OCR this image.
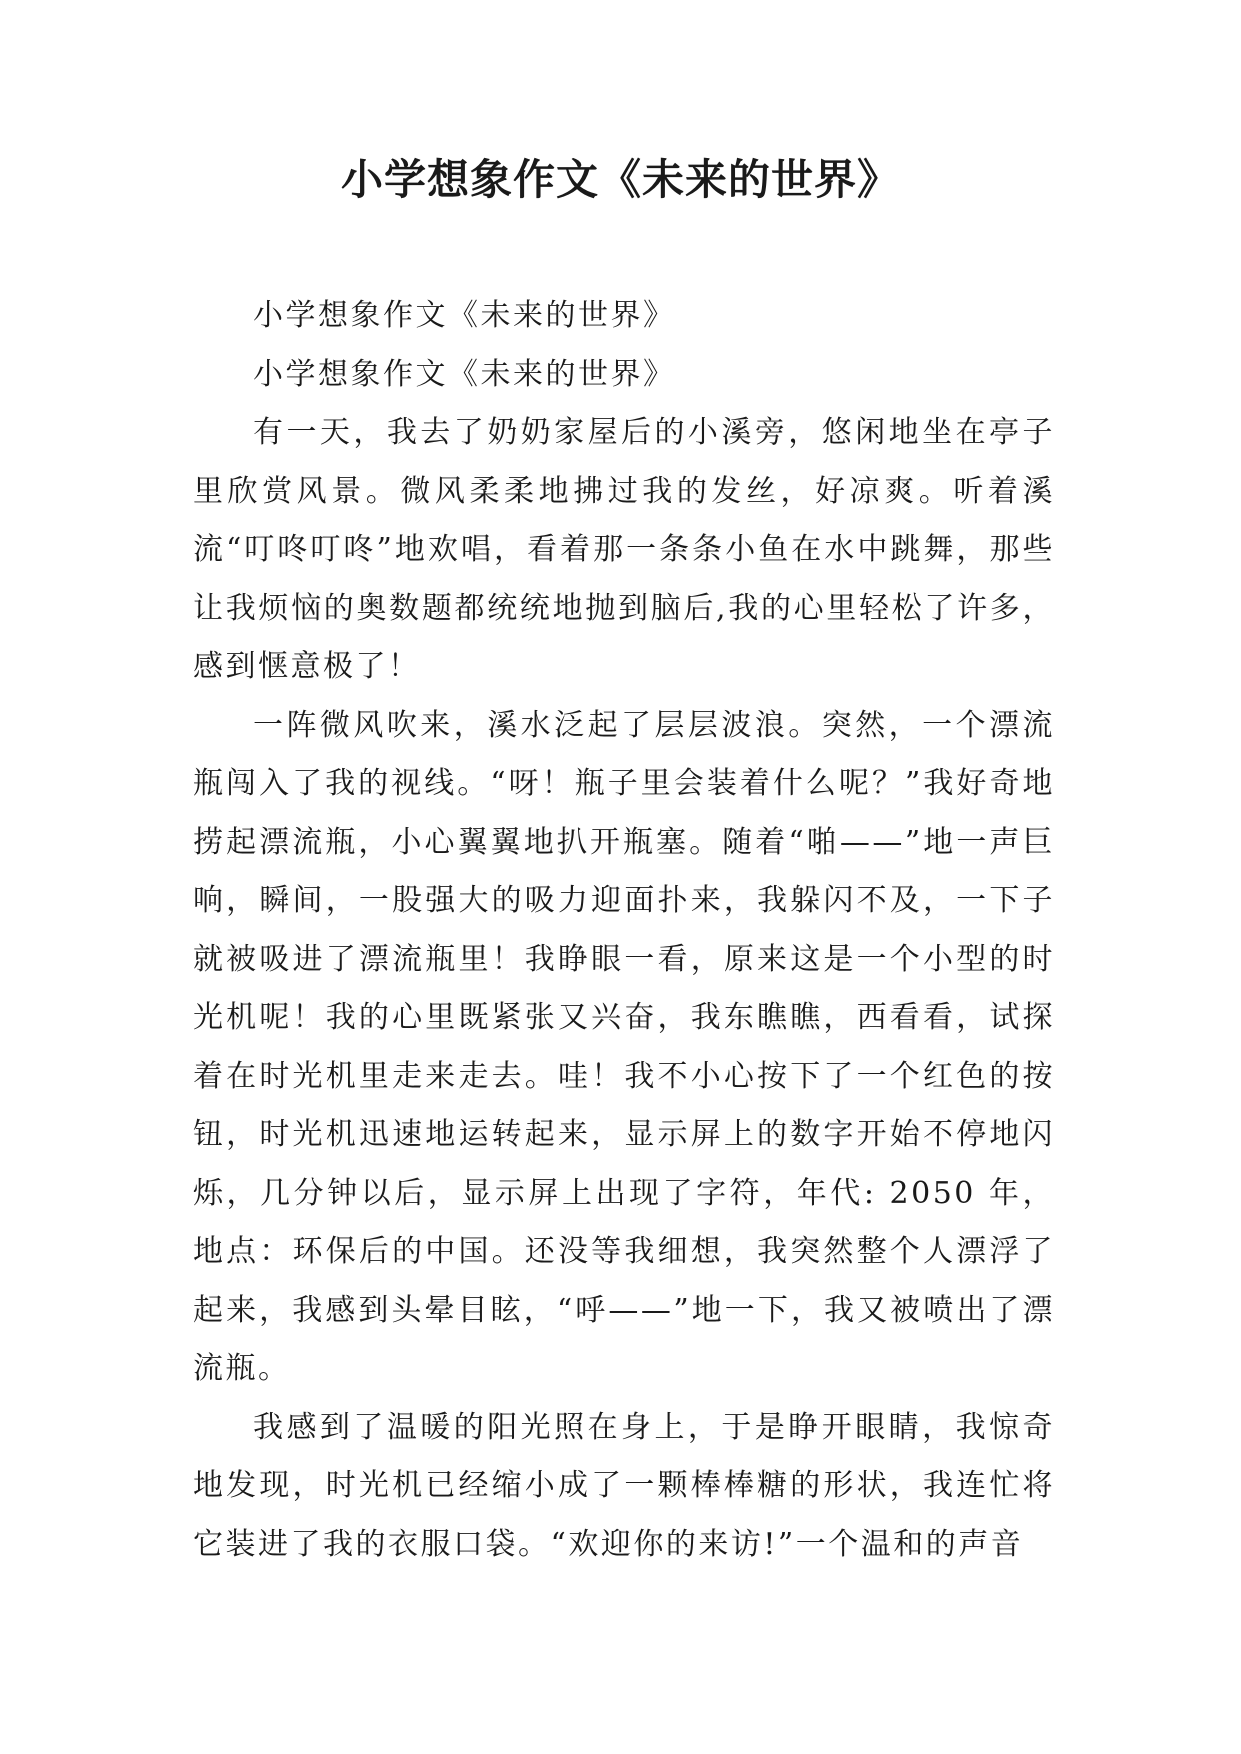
小学想象作文《未来的世界》

小学想象作文《未来的世界》

小学想象作文《未来的世界》

有一天，我去了奶奶家屋后的小溪旁，悠闲地坐在亭子里欣赏风景。微风柔柔地拂过我的发丝，好凉爽。听着溪流“叮咚叮咚”地欢唱，看着那一条条小鱼在水中跳舞，那些让我烦恼的奥数题都统统地抛到脑后,我的心里轻松了许多，感到惬意极了！

一阵微风吹来，溪水泛起了层层波浪。突然，一个漂流瓶闯入了我的视线。“呀！瓶子里会装着什么呢？”我好奇地捞起漂流瓶，小心翼翼地扒开瓶塞。随着“啪——”地一声巨响，瞬间，一股强大的吸力迎面扑来，我躲闪不及，一下子就被吸进了漂流瓶里！我睁眼一看，原来这是一个小型的时光机呢！我的心里既紧张又兴奋，我东瞧瞧，西看看，试探着在时光机里走来走去。哇！我不小心按下了一个红色的按钮，时光机迅速地运转起来，显示屏上的数字开始不停地闪烁，几分钟以后，显示屏上出现了字符，年代: 2050 年，地点：环保后的中国。还没等我细想，我突然整个人漂浮了起来，我感到头晕目眩，“呼——”地一下，我又被喷出了漂流瓶。

我感到了温暖的阳光照在身上，于是睁开眼睛，我惊奇地发现，时光机已经缩小成了一颗棒棒糖的形状，我连忙将它装进了我的衣服口袋。“欢迎你的来访!”一个温和的声音
